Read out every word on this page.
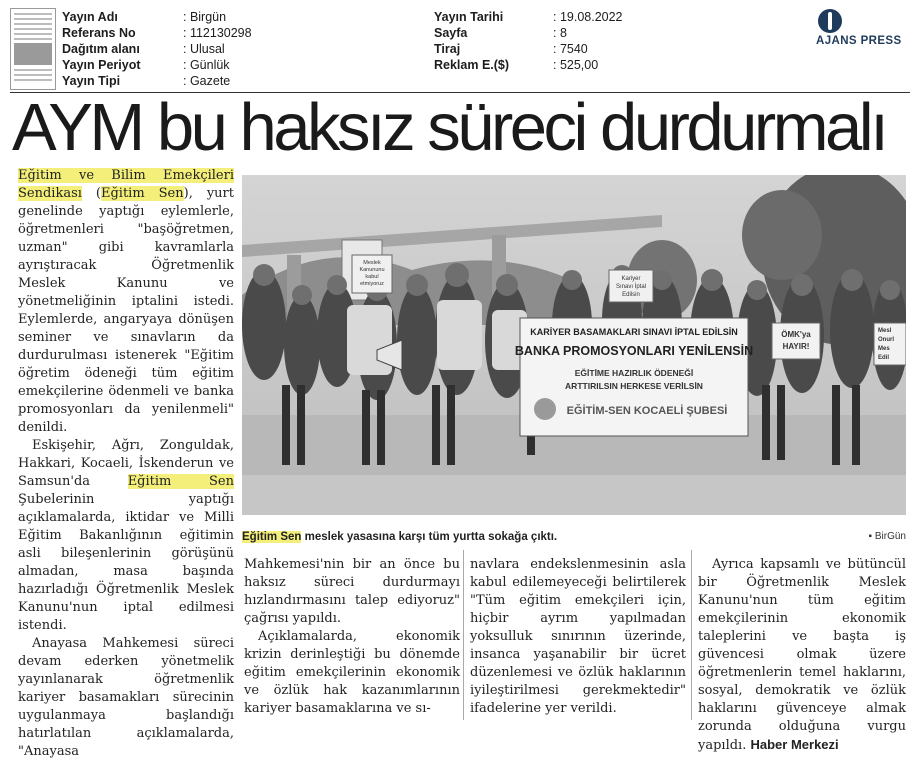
Yayın Adı	: Birgün
Referans No	: 112130298
Dağıtım alanı	: Ulusal
Yayın Periyot	: Günlük
Yayın Tipi	: Gazete
Yayın Tarihi	: 19.08.2022
Sayfa	: 8
Tiraj	: 7540
Reklam E.($)	: 525,00
AJANS PRESS
AYM bu haksız süreci durdurmalı

Eğitim ve Bilim Emekçileri Sendikası (Eğitim Sen), yurt genelinde yaptığı eylemlerle, öğretmenleri "başöğretmen, uzman" gibi kavramlarla ayrıştıracak Öğretmenlik Meslek Kanunu ve yönetmeliğinin iptalini istedi. Eylemlerde, angaryaya dönüşen seminer ve sınavların da durdurulması istenerek "Eğitim öğretim ödeneği tüm eğitim emekçilerine ödenmeli ve banka promosyonları da yenilenmeli" denildi.

Eskişehir, Ağrı, Zonguldak, Hakkari, Kocaeli, İskenderun ve Samsun'da Eğitim Sen Şubelerinin yaptığı açıklamalarda, iktidar ve Milli Eğitim Bakanlığının eğitimin asli bileşenlerinin görüşünü almadan, masa başında hazırladığı Öğretmenlik Meslek Kanunu'nun iptal edilmesi istendi.

Anayasa Mahkemesi süreci devam ederken yönetmelik yayınlanarak öğretmenlik kariyer basamakları sürecinin uygulanmaya başlandığı hatırlatılan açıklamalarda, "Anayasa

Meslek
Kanununu
kabul
etmiyoruz
Kariyer
Sınavı İptal
Edilsin
ÖMK'ya
HAYIR!
Mesl
Onurl
Mes
Edil
KARİYER BASAMAKLARI SINAVI İPTAL EDİLSİN
BANKA PROMOSYONLARI YENİLENSİN
EĞİTİME HAZIRLIK ÖDENEĞİ
ARTTIRILSIN HERKESE VERİLSİN
EĞİTİM-SEN KOCAELİ ŞUBESİ
Eğitim Sen meslek yasasına karşı tüm yurtta sokağa çıktı.	▪ BirGün

Mahkemesi'nin bir an önce bu haksız süreci durdurmayı hızlandırmasını talep ediyoruz" çağrısı yapıldı.

Açıklamalarda, ekonomik krizin derinleştiği bu dönemde eğitim emekçilerinin ekonomik ve özlük hak kazanımlarının kariyer basamaklarına ve sı-

navlara endekslenmesinin asla kabul edilemeyeceği belirtilerek "Tüm eğitim emekçileri için, hiçbir ayrım yapılmadan yoksulluk sınırının üzerinde, insanca yaşanabilir bir ücret düzenlemesi ve özlük haklarının iyileştirilmesi gerekmektedir" ifadelerine yer verildi.

Ayrıca kapsamlı ve bütüncül bir Öğretmenlik Meslek Kanunu'nun tüm eğitim emekçilerinin ekonomik taleplerini ve başta iş güvencesi olmak üzere öğretmenlerin temel haklarını, sosyal, demokratik ve özlük haklarını güvenceye almak zorunda olduğuna vurgu yapıldı. Haber Merkezi
